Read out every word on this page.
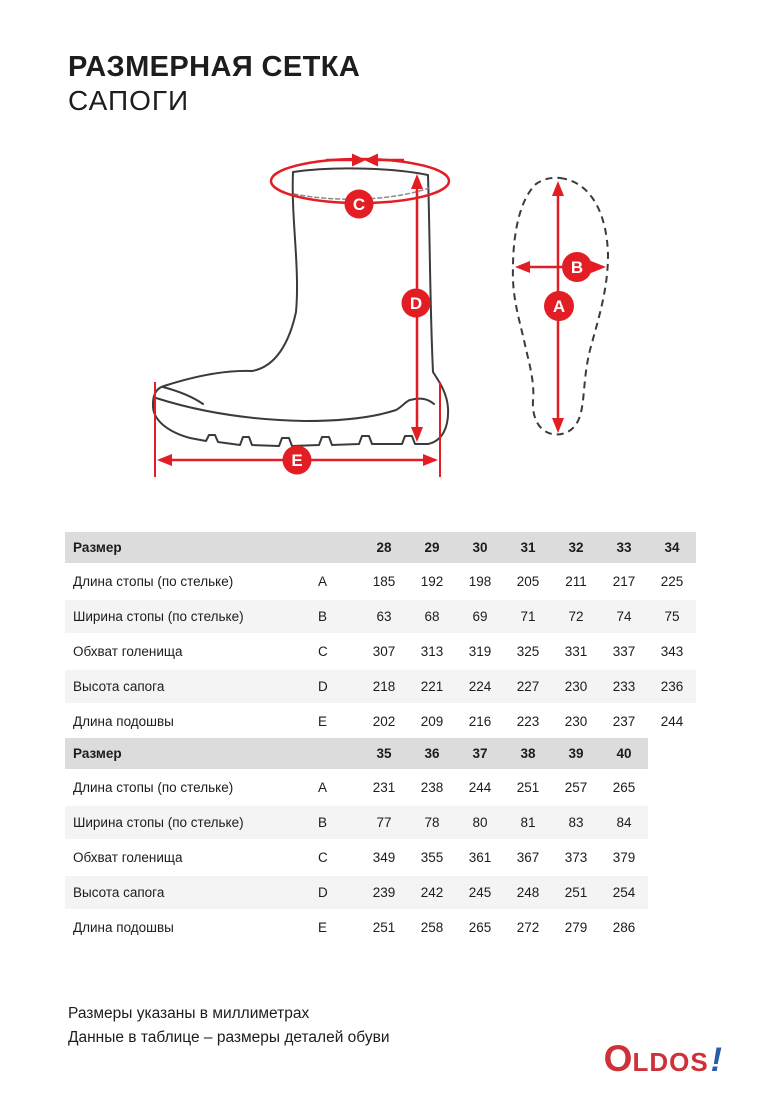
РАЗМЕРНАЯ СЕТКА
САПОГИ
C
D
E
B
A
Размер		28	29	30	31	32	33	34
Длина стопы (по стельке)	A	185	192	198	205	211	217	225
Ширина стопы (по стельке)	B	63	68	69	71	72	74	75
Обхват голенища	C	307	313	319	325	331	337	343
Высота сапога	D	218	221	224	227	230	233	236
Длина подошвы	E	202	209	216	223	230	237	244
Размер		35	36	37	38	39	40
Длина стопы (по стельке)	A	231	238	244	251	257	265
Ширина стопы (по стельке)	B	77	78	80	81	83	84
Обхват голенища	C	349	355	361	367	373	379
Высота сапога	D	239	242	245	248	251	254
Длина подошвы	E	251	258	265	272	279	286

Размеры указаны в миллиметрах

Данные в таблице – размеры деталей обуви

OLDOS!
